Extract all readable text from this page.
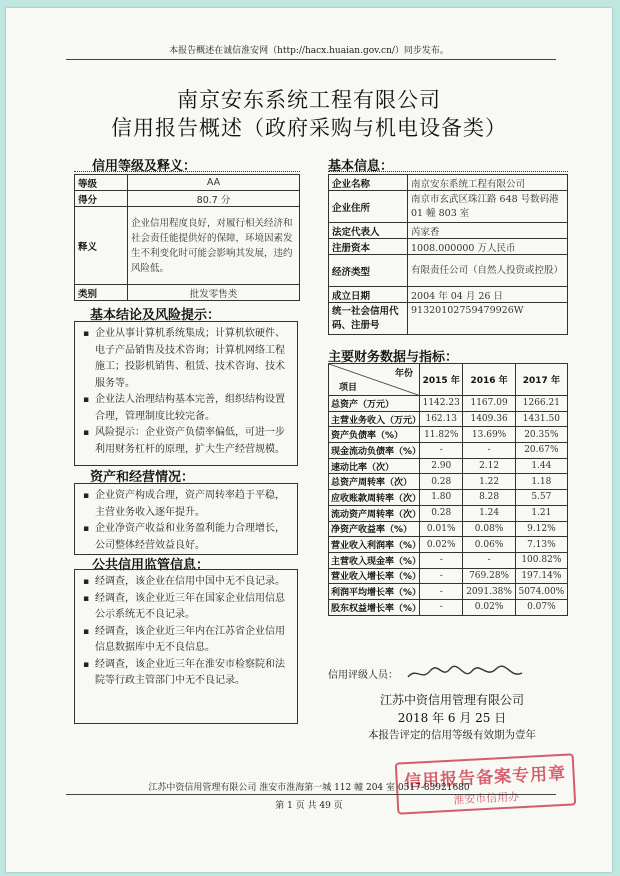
本报告概述在诚信淮安网（http://hacx.huaian.gov.cn/）同步发布。
南京安东系统工程有限公司
信用报告概述（政府采购与机电设备类）
信用等级及释义：
等级	AA
得分	80.7 分
释义	企业信用程度良好，对履行相关经济和社会责任能提供好的保障，环境因素发生不利变化时可能会影响其发展，违约风险低。
类别	批发零售类
基本结论及风险提示：
▪ 企业从事计算机系统集成；计算机软硬件、电子产品销售及技术咨询；计算机网络工程施工；投影机销售、租赁、技术咨询、技术服务等。
▪ 企业法人治理结构基本完善，组织结构设置合理，管理制度比较完备。
▪ 风险提示：企业资产负债率偏低，可进一步利用财务杠杆的原理，扩大生产经营规模。
资产和经营情况：
▪ 企业资产构成合理，资产周转率趋于平稳，主营业务收入逐年提升。
▪ 企业净资产收益和业务盈利能力合理增长，公司整体经营效益良好。
公共信用监管信息：
▪ 经调查，该企业在信用中国中无不良记录。
▪ 经调查，该企业近三年在国家企业信用信息公示系统无不良记录。
▪ 经调查，该企业近三年内在江苏省企业信用信息数据库中无不良信息。
▪ 经调查，该企业近三年在淮安市检察院和法院等行政主管部门中无不良记录。
基本信息：
企业名称	南京安东系统工程有限公司
企业住所	南京市玄武区珠江路 648 号数码港 01 幢 803 室
法定代表人	芮家香
注册资本	1008.000000 万人民币
经济类型	有限责任公司（自然人投资或控股）
成立日期	2004 年 04 月 26 日
统一社会信用代码、注册号	91320102759479926W
主要财务数据与指标：
年份
项目	2015 年	2016 年	2017 年
总资产（万元）	1142.23	1167.09	1266.21
主营业务收入（万元）	162.13	1409.36	1431.50
资产负债率（%）	11.82%	13.69%	20.35%
现金流动负债率（%）	-	-	20.67%
速动比率（次）	2.90	2.12	1.44
总资产周转率（次）	0.28	1.22	1.18
应收账款周转率（次）	1.80	8.28	5.57
流动资产周转率（次）	0.28	1.24	1.21
净资产收益率（%）	0.01%	0.08%	9.12%
营业收入利润率（%）	0.02%	0.06%	7.13%
主营收入现金率（%）	-	-	100.82%
营业收入增长率（%）	-	769.28%	197.14%
利润平均增长率（%）	-	2091.38%	5074.00%
股东权益增长率（%）	-	0.02%	0.07%
信用评级人员：
江苏中资信用管理有限公司
2018 年 6 月 25 日
本报告评定的信用等级有效期为壹年
信用报告备案专用章
淮安市信用办
江苏中资信用管理有限公司 淮安市淮海第一城 112 幢 204 室 0517-83921680
第 1 页 共 49 页
